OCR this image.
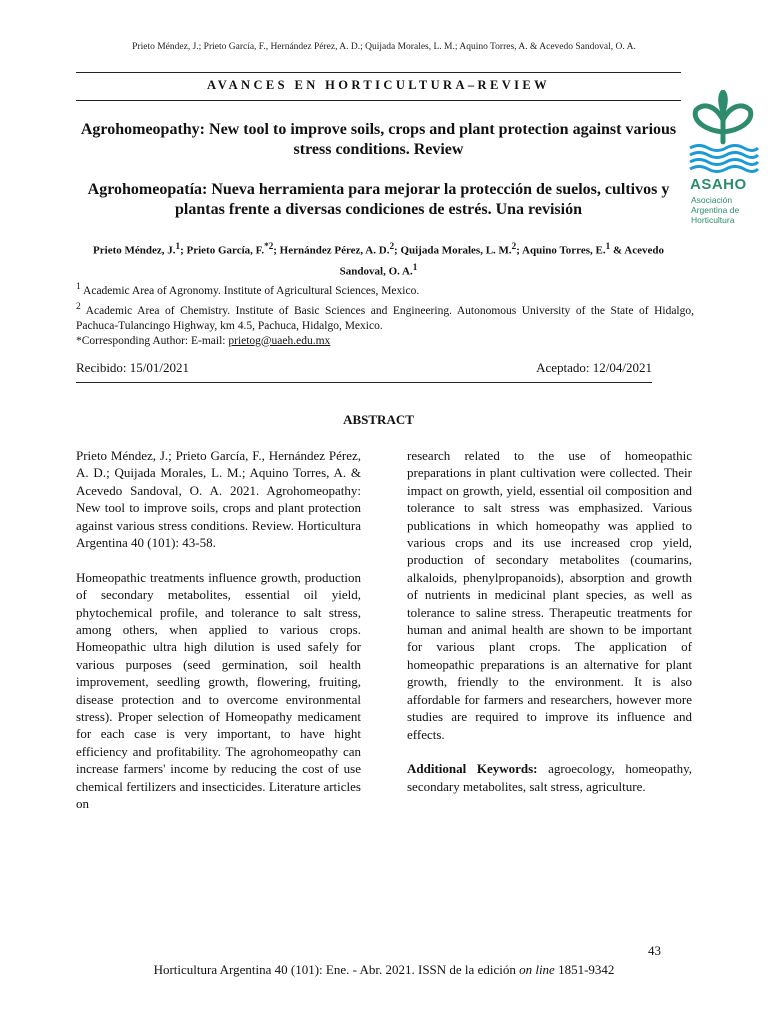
Prieto Méndez, J.; Prieto García, F., Hernández Pérez, A. D.; Quijada Morales, L. M.; Aquino Torres, A. & Acevedo Sandoval, O. A.
AVANCES EN HORTICULTURA–REVIEW
Agrohomeopathy: New tool to improve soils, crops and plant protection against various stress conditions. Review
Agrohomeopatía: Nueva herramienta para mejorar la protección de suelos, cultivos y plantas frente a diversas condiciones de estrés. Una revisión
ASAHO
Asociación Argentina de Horticultura
Prieto Méndez, J.$^1$; Prieto García, F.$^{*2}$; Hernández Pérez, A. D.$^2$; Quijada Morales, L. M.$^2$; Aquino Torres, E.$^1$ & Acevedo Sandoval, O. A.$^1$

$^1$ Academic Area of Agronomy. Institute of Agricultural Sciences, Mexico.

$^2$ Academic Area of Chemistry. Institute of Basic Sciences and Engineering. Autonomous University of the State of Hidalgo, Pachuca-Tulancingo Highway, km 4.5, Pachuca, Hidalgo, Mexico.

*Corresponding Author: E-mail: prietog@uaeh.edu.mx

Recibido: 15/01/2021	Aceptado: 12/04/2021
ABSTRACT

Prieto Méndez, J.; Prieto García, F., Hernández Pérez, A. D.; Quijada Morales, L. M.; Aquino Torres, A. & Acevedo Sandoval, O. A. 2021. Agrohomeopathy: New tool to improve soils, crops and plant protection against various stress conditions. Review. Horticultura Argentina 40 (101): 43-58.

Homeopathic treatments influence growth, production of secondary metabolites, essential oil yield, phytochemical profile, and tolerance to salt stress, among others, when applied to various crops. Homeopathic ultra high dilution is used safely for various purposes (seed germination, soil health improvement, seedling growth, flowering, fruiting, disease protection and to overcome environmental stress). Proper selection of Homeopathy medicament for each case is very important, to have hight efficiency and profitability. The agrohomeopathy can increase farmers' income by reducing the cost of use chemical fertilizers and insecticides. Literature articles on

research related to the use of homeopathic preparations in plant cultivation were collected. Their impact on growth, yield, essential oil composition and tolerance to salt stress was emphasized. Various publications in which homeopathy was applied to various crops and its use increased crop yield, production of secondary metabolites (coumarins, alkaloids, phenylpropanoids), absorption and growth of nutrients in medicinal plant species, as well as tolerance to saline stress. Therapeutic treatments for human and animal health are shown to be important for various plant crops. The application of homeopathic preparations is an alternative for plant growth, friendly to the environment. It is also affordable for farmers and researchers, however more studies are required to improve its influence and effects.

Additional Keywords: agroecology, homeopathy, secondary metabolites, salt stress, agriculture.

43
Horticultura Argentina 40 (101): Ene. - Abr. 2021. ISSN de la edición on line 1851-9342
